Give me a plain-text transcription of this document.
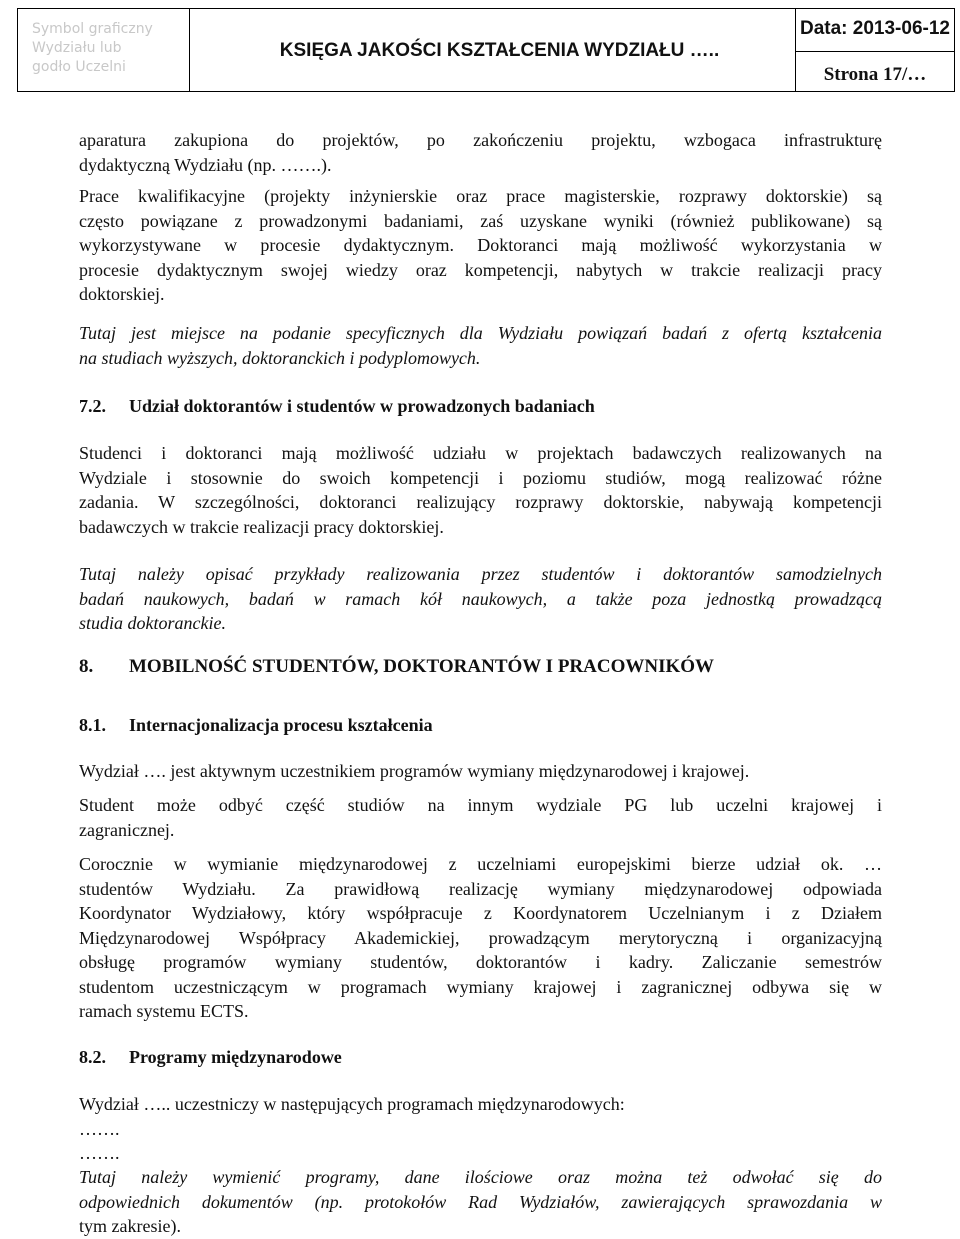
Symbol graficzny
Wydziału lub
godło Uczelni
KSIĘGA JAKOŚCI KSZTAŁCENIA WYDZIAŁU …..
Data: 2013-06-12
Strona 17/…
aparatura zakupiona do projektów, po zakończeniu projektu, wzbogaca infrastrukturę
dydaktyczną Wydziału (np. …….).
Prace kwalifikacyjne (projekty inżynierskie oraz prace magisterskie, rozprawy doktorskie) są
często powiązane z prowadzonymi badaniami, zaś uzyskane wyniki (również publikowane) są
wykorzystywane w procesie dydaktycznym. Doktoranci mają możliwość wykorzystania w
procesie dydaktycznym swojej wiedzy oraz kompetencji, nabytych w trakcie realizacji pracy
doktorskiej.
Tutaj jest miejsce na podanie specyficznych dla Wydziału powiązań badań z ofertą kształcenia
na studiach wyższych, doktoranckich i podyplomowych.
7.2. Udział doktorantów i studentów w prowadzonych badaniach
Studenci i doktoranci mają możliwość udziału w projektach badawczych realizowanych na
Wydziale i stosownie do swoich kompetencji i poziomu studiów, mogą realizować różne
zadania. W szczególności, doktoranci realizujący rozprawy doktorskie, nabywają kompetencji
badawczych w trakcie realizacji pracy doktorskiej.
Tutaj należy opisać przykłady realizowania przez studentów i doktorantów samodzielnych
badań naukowych, badań w ramach kół naukowych, a także poza jednostką prowadzącą
studia doktoranckie.
8. MOBILNOŚĆ STUDENTÓW, DOKTORANTÓW I PRACOWNIKÓW
8.1. Internacjonalizacja procesu kształcenia
Wydział …. jest aktywnym uczestnikiem programów wymiany międzynarodowej i krajowej.
Student może odbyć część studiów na innym wydziale PG lub uczelni krajowej i
zagranicznej.
Corocznie w wymianie międzynarodowej z uczelniami europejskimi bierze udział ok. …
studentów Wydziału. Za prawidłową realizację wymiany międzynarodowej odpowiada
Koordynator Wydziałowy, który współpracuje z Koordynatorem Uczelnianym i z Działem
Międzynarodowej Współpracy Akademickiej, prowadzącym merytoryczną i organizacyjną
obsługę programów wymiany studentów, doktorantów i kadry. Zaliczanie semestrów
studentom uczestniczącym w programach wymiany krajowej i zagranicznej odbywa się w
ramach systemu ECTS.
8.2. Programy międzynarodowe
Wydział ….. uczestniczy w następujących programach międzynarodowych:
…….
…….
Tutaj należy wymienić programy, dane ilościowe oraz można też odwołać się do
odpowiednich dokumentów (np. protokołów Rad Wydziałów, zawierających sprawozdania w
tym zakresie).
